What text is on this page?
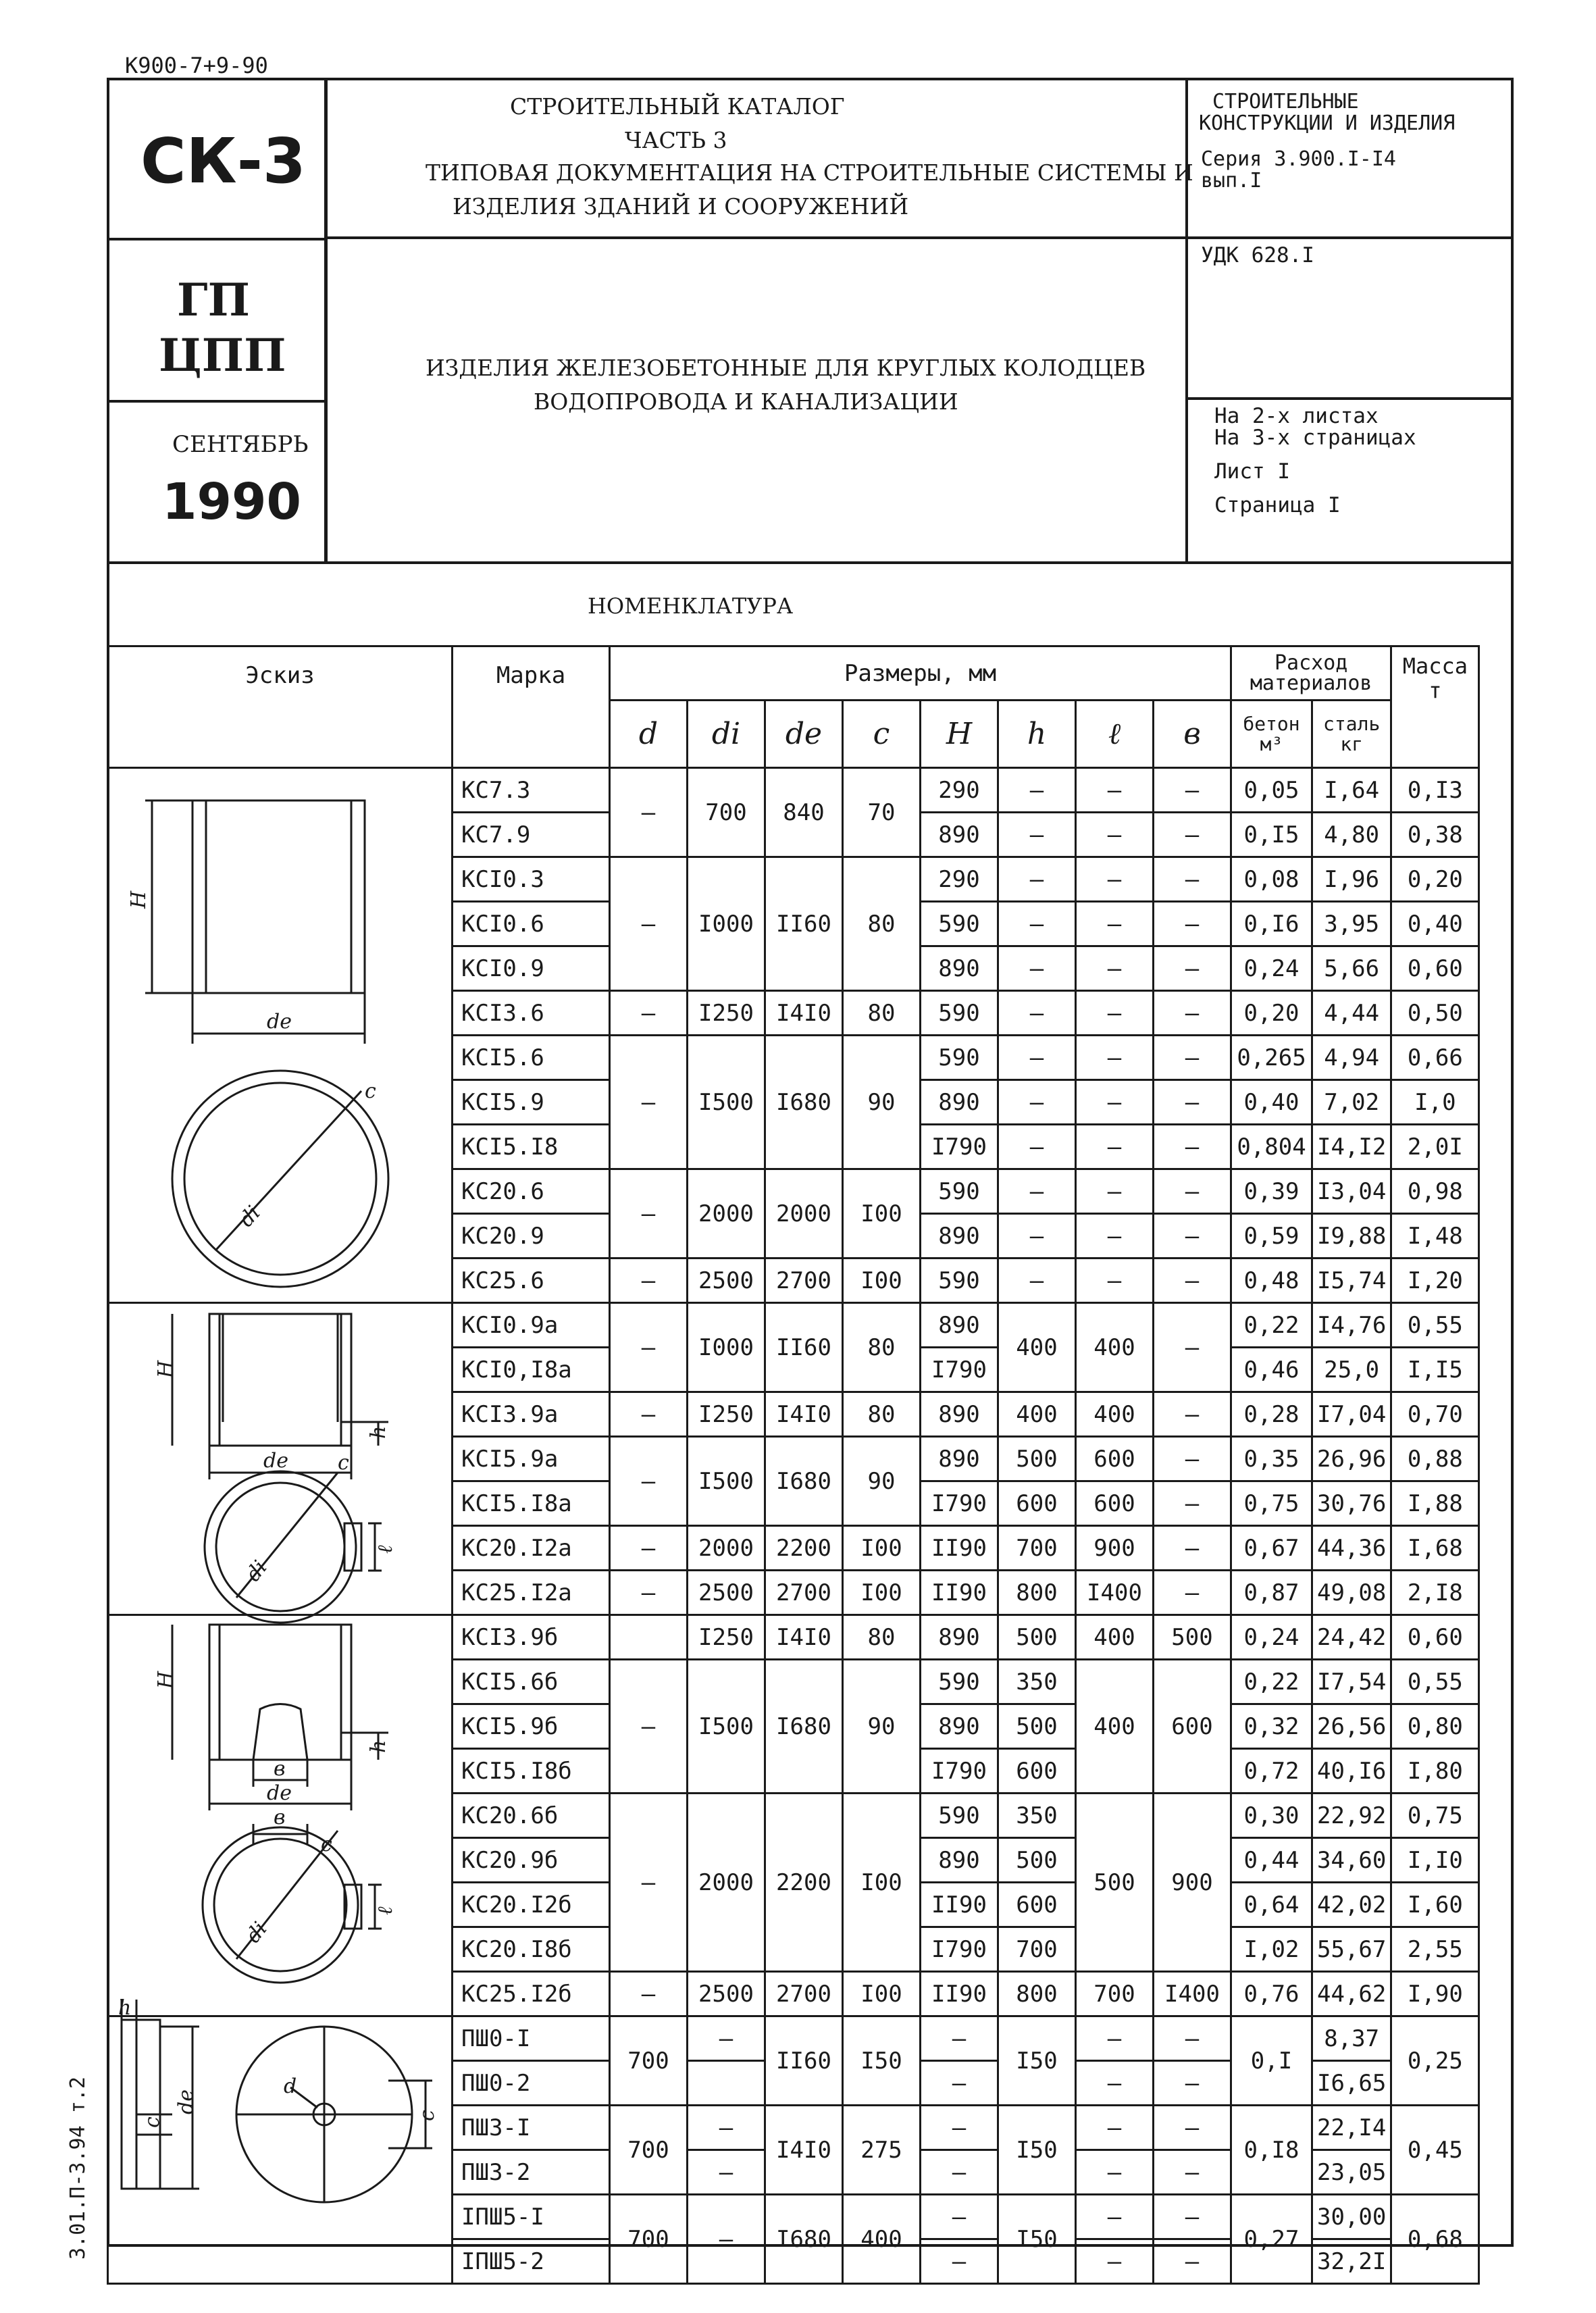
К900-7+9-90
3.01.П-3.94 т.2
СК-3
ГП
ЦПП
СЕНТЯБРЬ
1990
СТРОИТЕЛЬНЫЙ КАТАЛОГ
ЧАСТЬ 3
ТИПОВАЯ ДОКУМЕНТАЦИЯ НА СТРОИТЕЛЬНЫЕ СИСТЕМЫ И
ИЗДЕЛИЯ ЗДАНИЙ И СООРУЖЕНИЙ
СТРОИТЕЛЬНЫЕ
КОНСТРУКЦИИ И ИЗДЕЛИЯ
Серия 3.900.I-I4
вып.I
УДК 628.I
ИЗДЕЛИЯ ЖЕЛЕЗОБЕТОННЫЕ ДЛЯ КРУГЛЫХ КОЛОДЦЕВ
ВОДОПРОВОДА И КАНАЛИЗАЦИИ
На 2-х листах
На 3-х страницах
Лист I
Страница I
НОМЕНКЛАТУРА
Эскиз	Марка	Размеры, мм								Расход материалов		Масса т
		d	di	de	c	H	h	ℓ	в	бетон м³	сталь кг	
	КС7.3	—	700	840	70	290	—	—	—	0,05	I,64	0,I3
	КС7.9					890	—	—	—	0,I5	4,80	0,38
	КСI0.3	—	I000	II60	80	290	—	—	—	0,08	I,96	0,20
	КСI0.6					590	—	—	—	0,I6	3,95	0,40
	КСI0.9					890	—	—	—	0,24	5,66	0,60
	КСI3.6	—	I250	I4I0	80	590	—	—	—	0,20	4,44	0,50
	КСI5.6	—	I500	I680	90	590	—	—	—	0,265	4,94	0,66
	КСI5.9					890	—	—	—	0,40	7,02	I,0
	КСI5.I8					I790	—	—	—	0,804	I4,I2	2,0I
	КС20.6	—	2000	2000	I00	590	—	—	—	0,39	I3,04	0,98
	КС20.9					890	—	—	—	0,59	I9,88	I,48
	КС25.6	—	2500	2700	I00	590	—	—	—	0,48	I5,74	I,20
	КСI0.9а	—	I000	II60	80	890	400	400	—	0,22	I4,76	0,55
	КСI0,I8а					I790				0,46	25,0	I,I5
	КСI3.9а	—	I250	I4I0	80	890	400	400	—	0,28	I7,04	0,70
	КСI5.9а	—	I500	I680	90	890	500	600	—	0,35	26,96	0,88
	КСI5.I8а					I790	600	600	—	0,75	30,76	I,88
	КС20.I2а	—	2000	2200	I00	II90	700	900	—	0,67	44,36	I,68
	КС25.I2а	—	2500	2700	I00	II90	800	I400	—	0,87	49,08	2,I8
	КСI3.9б		I250	I4I0	80	890	500	400	500	0,24	24,42	0,60
	КСI5.6б	—	I500	I680	90	590	350	400	600	0,22	I7,54	0,55
	КСI5.9б					890	500			0,32	26,56	0,80
	КСI5.I8б					I790	600			0,72	40,I6	I,80
	КС20.6б	—	2000	2200	I00	590	350	500	900	0,30	22,92	0,75
	КС20.9б					890	500			0,44	34,60	I,I0
	КС20.I2б					II90	600			0,64	42,02	I,60
	КС20.I8б					I790	700			I,02	55,67	2,55
	КС25.I2б	—	2500	2700	I00	II90	800	700	I400	0,76	44,62	I,90
	ПШ0-I	700	—	II60	I50	—	I50	—	—	0,I	8,37	0,25
	ПШ0-2					—		—	—		I6,65	
	ПШ3-I	700	—	I4I0	275	—	I50	—	—	0,I8	22,I4	0,45
	ПШ3-2		—			—		—	—		23,05	
	IПШ5-I	700	—	I680	400	—	I50	—	—	0,27	30,00	0,68
	IПШ5-2					—		—	—		32,2I	
de
H
c
di
de
H
h
c
di
ℓ
в
de
H
h
в
c
di
ℓ
h
c
de
d
c
